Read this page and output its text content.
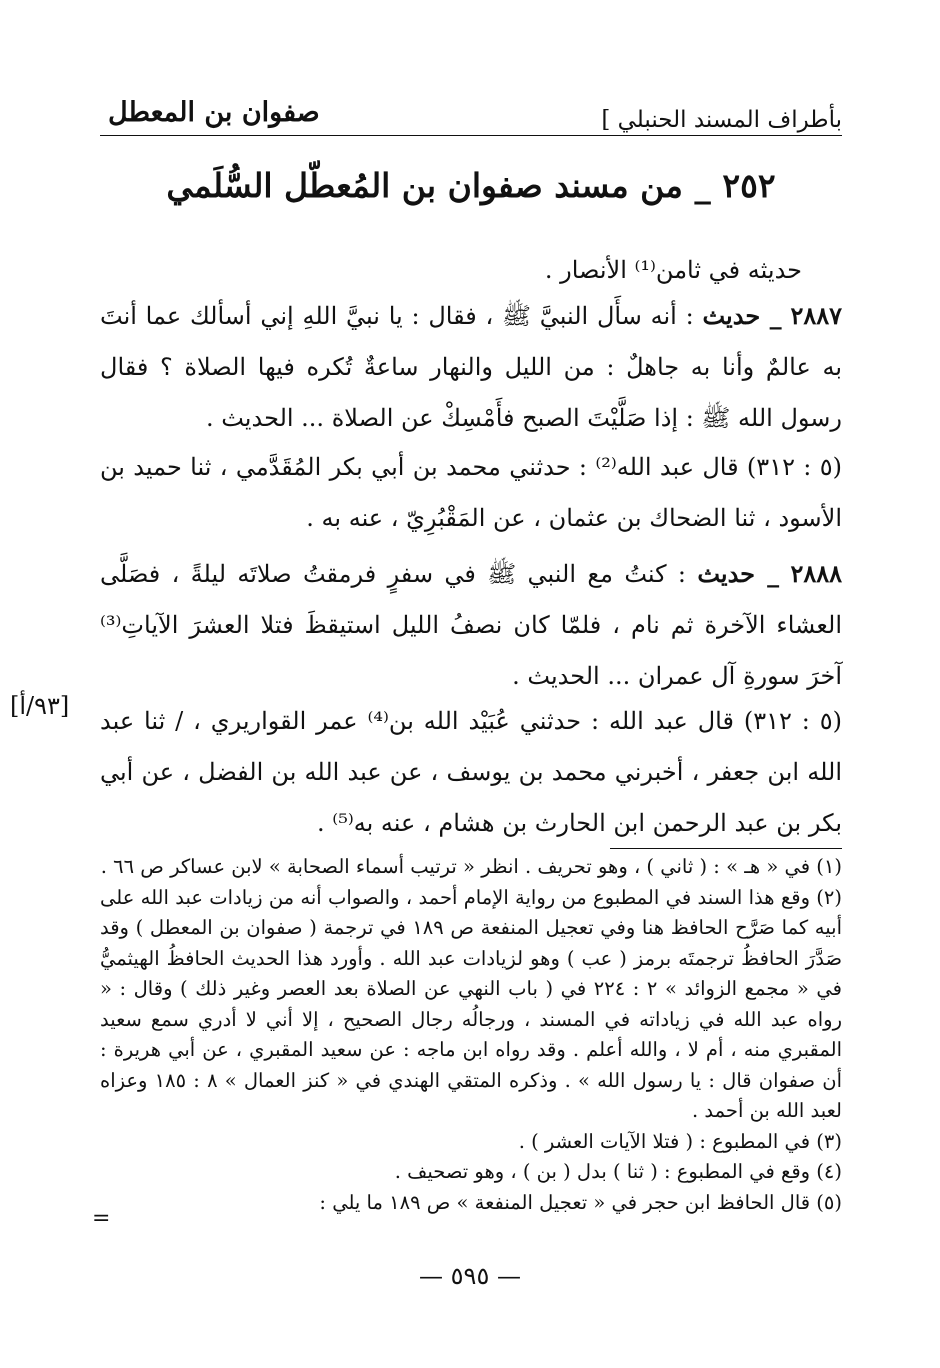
بأطراف المسند الحنبلي ]
صفوان بن المعطل
٢٥٢ _ من مسند صفوان بن المُعطّل السُّلَمي
حديثه في ثامن⁽¹⁾ الأنصار .
٢٨٨٧ _ حديث : أنه سأَل النبيَّ ﷺ ، فقال : يا نبيَّ اللهِ إني أسألك عما أنتَ به عالمٌ وأنا به جاهلٌ : من الليل والنهار ساعةٌ تُكره فيها الصلاة ؟ فقال رسول الله ﷺ : إذا صَلَّيْتَ الصبح فأَمْسِكْ عن الصلاة ... الحديث .
(٥ : ٣١٢) قال عبد الله⁽²⁾ : حدثني محمد بن أبي بكر المُقَدَّمي ، ثنا حميد بن الأسود ، ثنا الضحاك بن عثمان ، عن المَقْبُرِيّ ، عنه به .
٢٨٨٨ _ حديث : كنتُ مع النبي ﷺ في سفرٍ فرمقتُ صلاتَه ليلةً ، فصَلَّى العشاء الآخرة ثم نام ، فلمّا كان نصفُ الليل استيقظَ فتلا العشرَ الآياتِ⁽³⁾ آخرَ سورةِ آل عمران ... الحديث .
(٥ : ٣١٢) قال عبد الله : حدثني عُبَيْد الله بن⁽⁴⁾ عمر القواريري ، / ثنا عبد الله ابن جعفر ، أخبرني محمد بن يوسف ، عن عبد الله بن الفضل ، عن أبي بكر بن عبد الرحمن ابن الحارث بن هشام ، عنه به⁽⁵⁾ .
[٩٣/أ]
(١) في « هـ » : ( ثاني ) ، وهو تحريف . انظر « ترتيب أسماء الصحابة » لابن عساكر ص ٦٦ .
(٢) وقع هذا السند في المطبوع من رواية الإمام أحمد ، والصواب أنه من زيادات عبد الله على أبيه كما صَرَّح الحافظ هنا وفي تعجيل المنفعة ص ١٨٩ في ترجمة ( صفوان بن المعطل ) وقد صَدَّرَ الحافظُ ترجمتَه برمز ( عب ) وهو لزيادات عبد الله . وأورد هذا الحديث الحافظُ الهيثميُّ في « مجمع الزوائد » ٢ : ٢٢٤ في ( باب النهي عن الصلاة بعد العصر وغير ذلك ) وقال : « رواه عبد الله في زياداته في المسند ، ورجالُه رجال الصحيح ، إلا أني لا أدري سمع سعيد المقبري منه ، أم لا ، والله أعلم . وقد رواه ابن ماجه : عن سعيد المقبري ، عن أبي هريرة : أن صفوان قال : يا رسول الله » . وذكره المتقي الهندي في « كنز العمال » ٨ : ١٨٥ وعزاه لعبد الله بن أحمد .
(٣) في المطبوع : ( فتلا الآيات العشر ) .
(٤) وقع في المطبوع : ( ثنا ) بدل ( بن ) ، وهو تصحيف .
(٥) قال الحافظ ابن حجر في « تعجيل المنفعة » ص ١٨٩ ما يلي :
=
— ٥٩٥ —
